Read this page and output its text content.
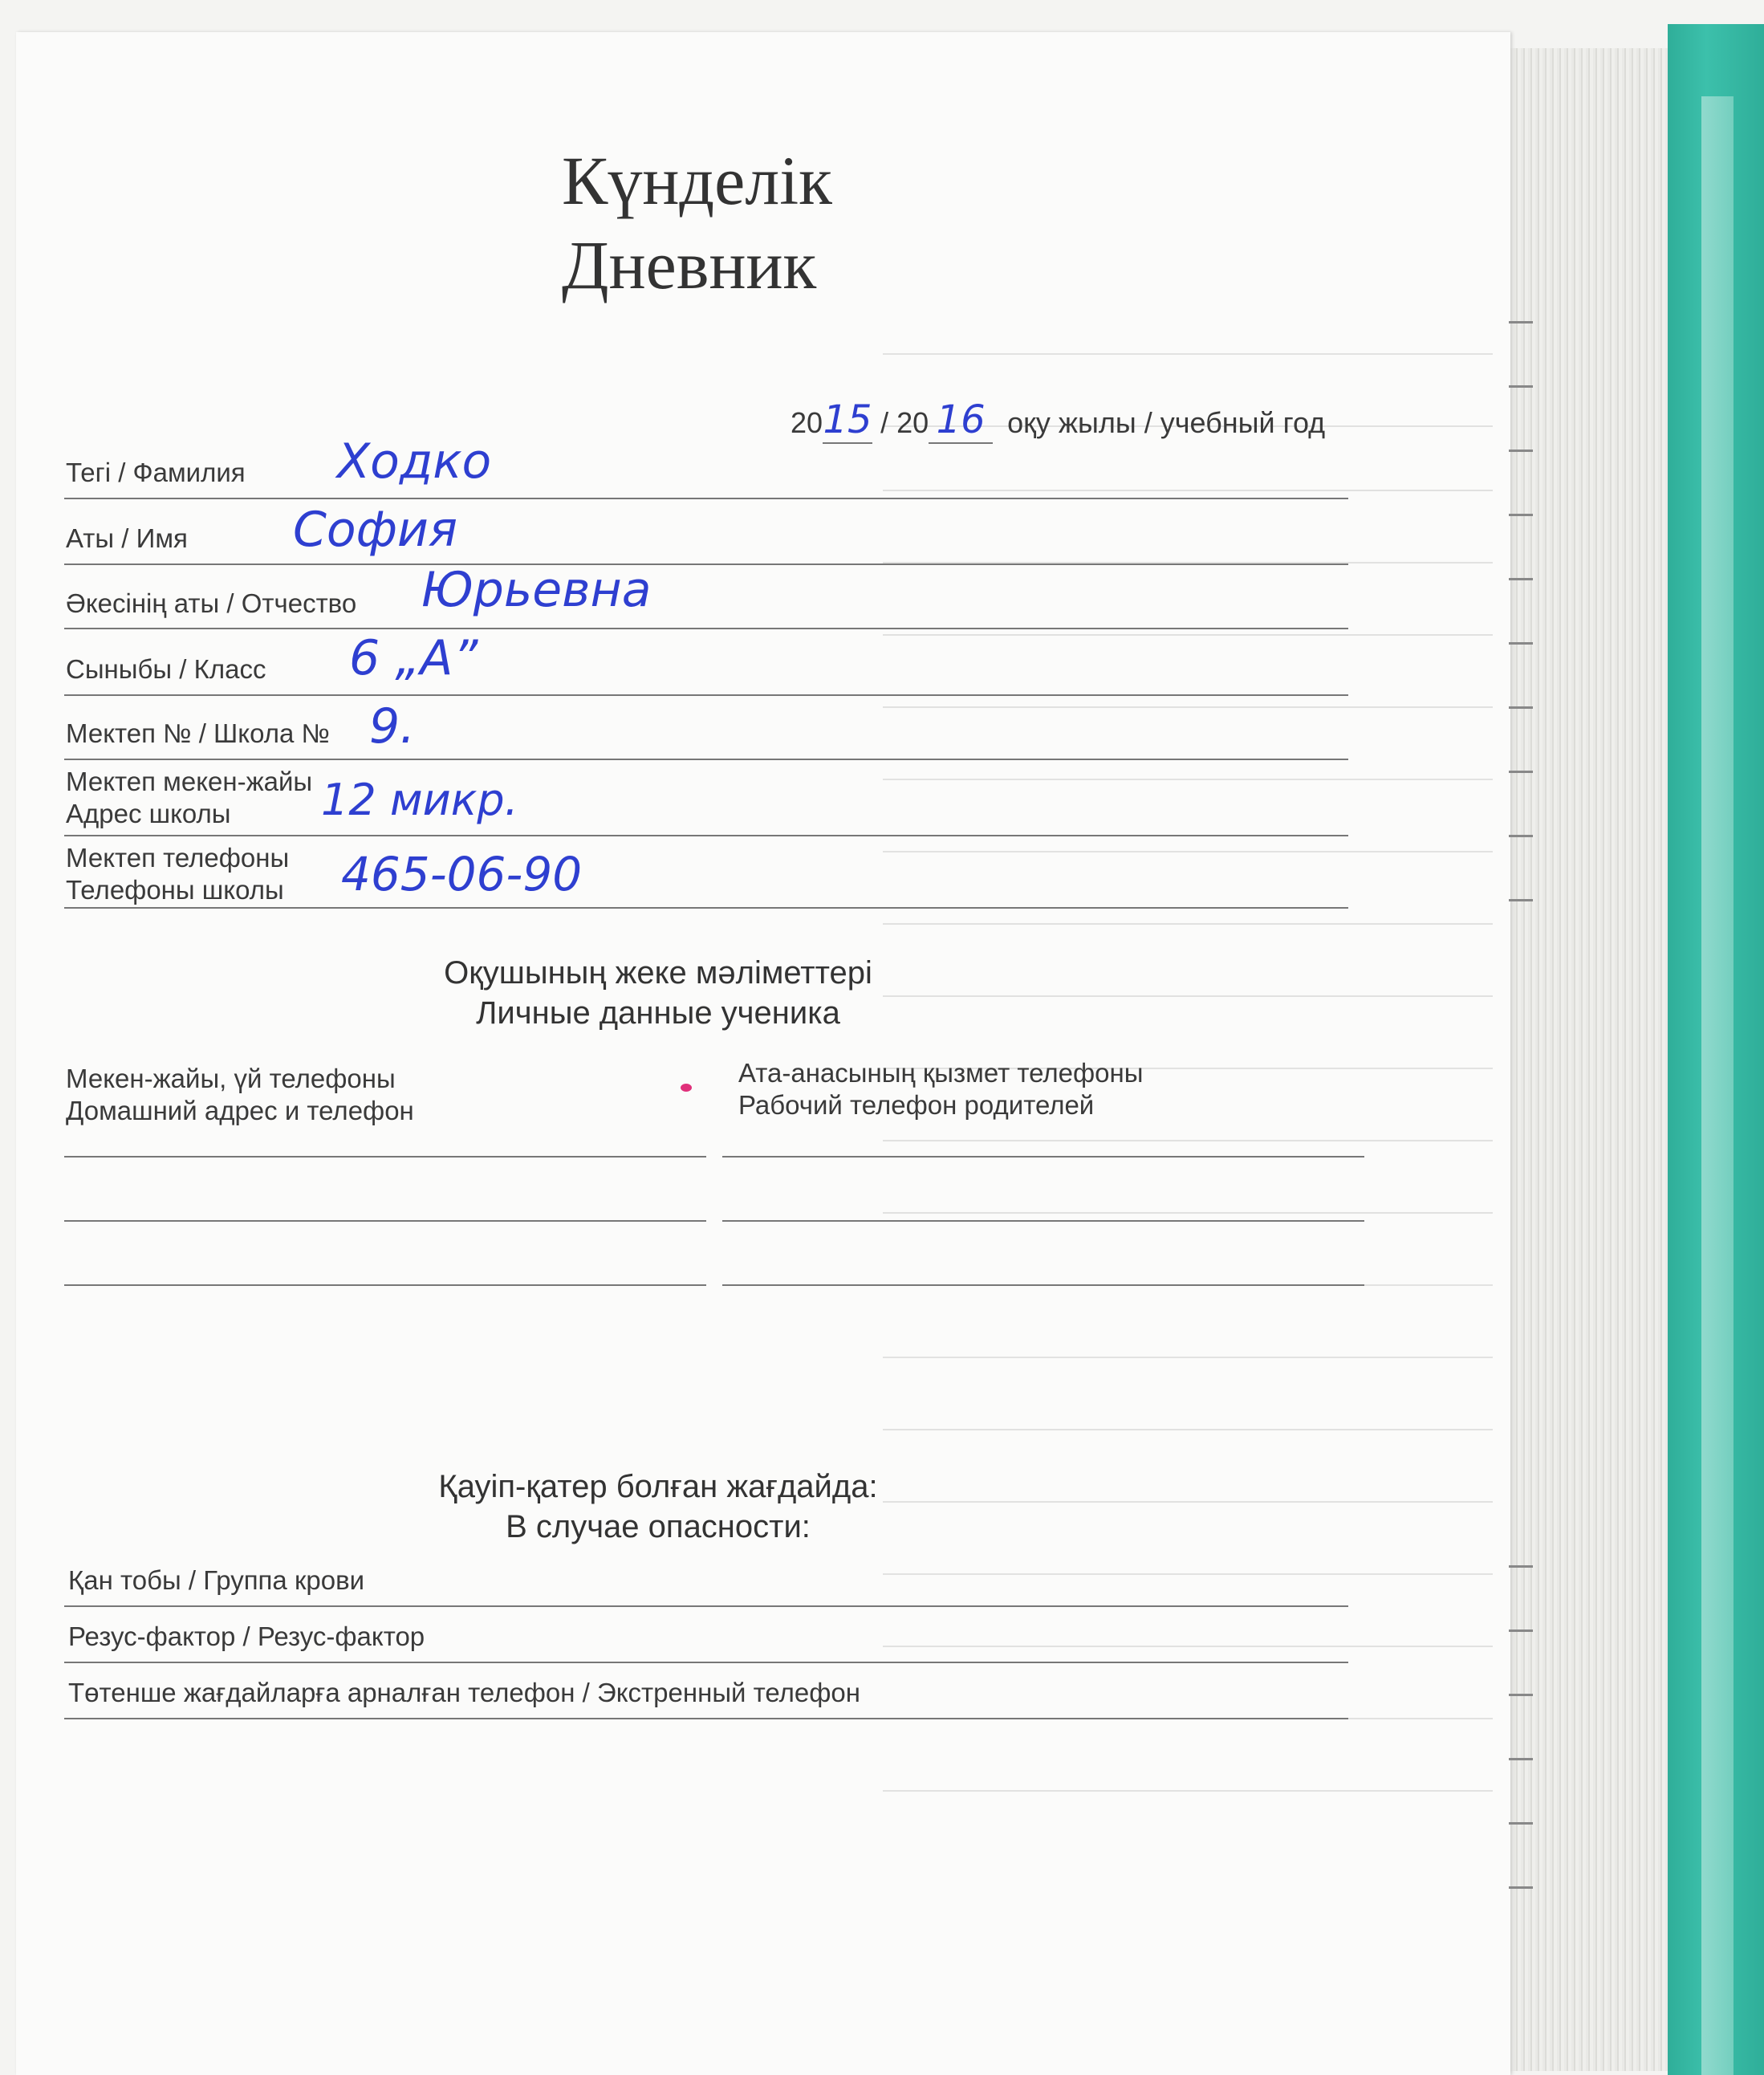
Күнделік
Дневник
2015 / 20 16 оқу жылы / учебный год
Тегі / Фамилия Ходко
Аты / Имя София
Әкесінің аты / Отчество Юрьевна
Сыныбы / Класс 6 „А”
Мектеп № / Школа № 9.
Мектеп мекен-жайы
Адрес школы 12 микр.
Мектеп телефоны
Телефоны школы 465-06-90
Оқушының жеке мәліметтері
Личные данные ученика
Мекен-жайы, үй телефоны
Домашний адрес и телефон
Ата-анасының қызмет телефоны
Рабочий телефон родителей
Қауіп-қатер болған жағдайда:
В случае опасности:
Қан тобы / Группа крови
Резус-фактор / Резус-фактор
Төтенше жағдайларға арналған телефон / Экстренный телефон
